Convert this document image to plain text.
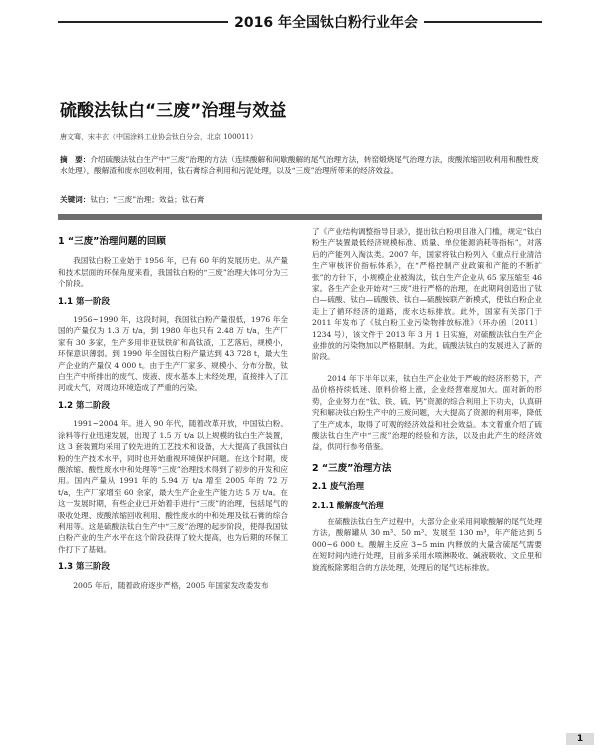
2016 年全国钛白粉行业年会
硫酸法钛白“三废”治理与效益

唐文骞，宋丰玄（中国涂料工业协会钛白分会，北京 100011）

摘　要：介绍硫酸法钛白生产中“三废”治理的方法（连续酸解和间歇酸解的尾气治理方法，转窑煅烧尾气治理方法，废酸浓缩回收利用和酸性废水处理），酸解渣和废水回收利用，钛石膏综合利用和污泥处理，以及“三废”治理所带来的经济效益。

关键词：钛白；“三废”治理；效益；钛石膏

1 “三废”治理问题的回顾

我国钛白粉工业始于 1956 年，已有 60 年的发展历史。从产量和技术层面的环保角度来看，我国钛白粉的“三废”治理大体可分为三个阶段。

1.1 第一阶段

1956~1990 年，这段时间，我国钛白粉产量很低，1976 年全国的产量仅为 1.3 万 t/a，到 1980 年也只有 2.48 万 t/a，生产厂家有 30 多家，生产多用非亚钛铁矿和高钛渣，工艺落后，规模小，环保意识薄弱。到 1990 年全国钛白粉产量达到 43 728 t，最大生产企业的产量仅 4 000 t。由于生产厂家多、规模小、分布分散，钛白生产中所排出的废气、废液、废水基本上未经处理，直接排入了江河或大气，对周边环境造成了严重的污染。

1.2 第二阶段

1991~2004 年。进入 90 年代，随着改革开放，中国钛白粉、涂料等行业迅速发展，出现了 1.5 万 t/a 以上规模的钛白生产装置，这 3 套装置均采用了较先进的工艺技术和设备，大大提高了我国钛白粉的生产技术水平，同时也开始重视环境保护问题。在这个时期，废酸浓缩、酸性废水中和处理等“三废”治理技术得到了初步的开发和应用。国内产量从 1991 年的 5.94 万 t/a 增至 2005 年的 72 万 t/a，生产厂家增至 60 余家，最大生产企业生产能力达 5 万 t/a。在这一发展时期，有些企业已开始着手进行“三废”的治理，包括尾气的吸收处理、废酸浓缩回收利用、酸性废水的中和处理及钛石膏的综合利用等。这是硫酸法钛白生产中“三废”治理的起步阶段，使得我国钛白粉产业的生产水平在这个阶段获得了较大提高，也为后期的环保工作打下了基础。

1.3 第三阶段

2005 年后，随着政府逐步严格，2005 年国家发改委发布

了《产业结构调整指导目录》，提出钛白粉项目准入门槛，规定“钛白粉生产装置最低经济规模标准、质量、单位能源消耗等指标”，对落后的产能列入淘汰类。2007 年，国家将钛白粉列入《重点行业清洁生产审核评价指标体系》，在“严格控制产业政策和产能的不断扩张”的方针下，小规模企业被淘汰，钛白生产企业从 65 家压缩至 46 家。各生产企业开始对“三废”进行严格的治理，在此期间创造出了钛白—硫酸、钛白—硫酸铁、钛白—硫酸铵联产新模式，使钛白粉企业走上了循环经济的道路，废水达标排放。此外，国家有关部门于 2011 年发布了《钛白粉工业污染物排放标准》（环办函〔2011〕1234 号），该文件于 2013 年 3 月 1 日实施，对硫酸法钛白生产企业排放的污染物加以严格限制。为此，硫酸法钛白的发展进入了新的阶段。

2014 年下半年以来，钛白生产企业处于严峻的经济形势下，产品价格持续低迷、原料价格上涨，企业经营难度加大。面对新的形势，企业努力在“钛、铁、硫、钙”资源的综合利用上下功夫，认真研究和解决钛白粉生产中的三废问题，大大提高了资源的利用率，降低了生产成本，取得了可观的经济效益和社会效益。本文着重介绍了硫酸法钛白生产中“三废”治理的经验和方法，以及由此产生的经济效益，供同行参考借鉴。

2 “三废”治理方法
2.1 废气治理
2.1.1 酸解废气治理

在硫酸法钛白生产过程中，大部分企业采用间歇酸解的尾气处理方法，酸解罐从 30 m³、50 m³、发展至 130 m³，年产能达到 5 000~6 000 t。酸解主反应 3~5 min 内释放的大量含硫尾气需要在短时间内进行处理，目前多采用水喷淋吸收、碱液吸收、文丘里和旋流板除雾组合的方法处理，处理后的尾气达标排放。

1
